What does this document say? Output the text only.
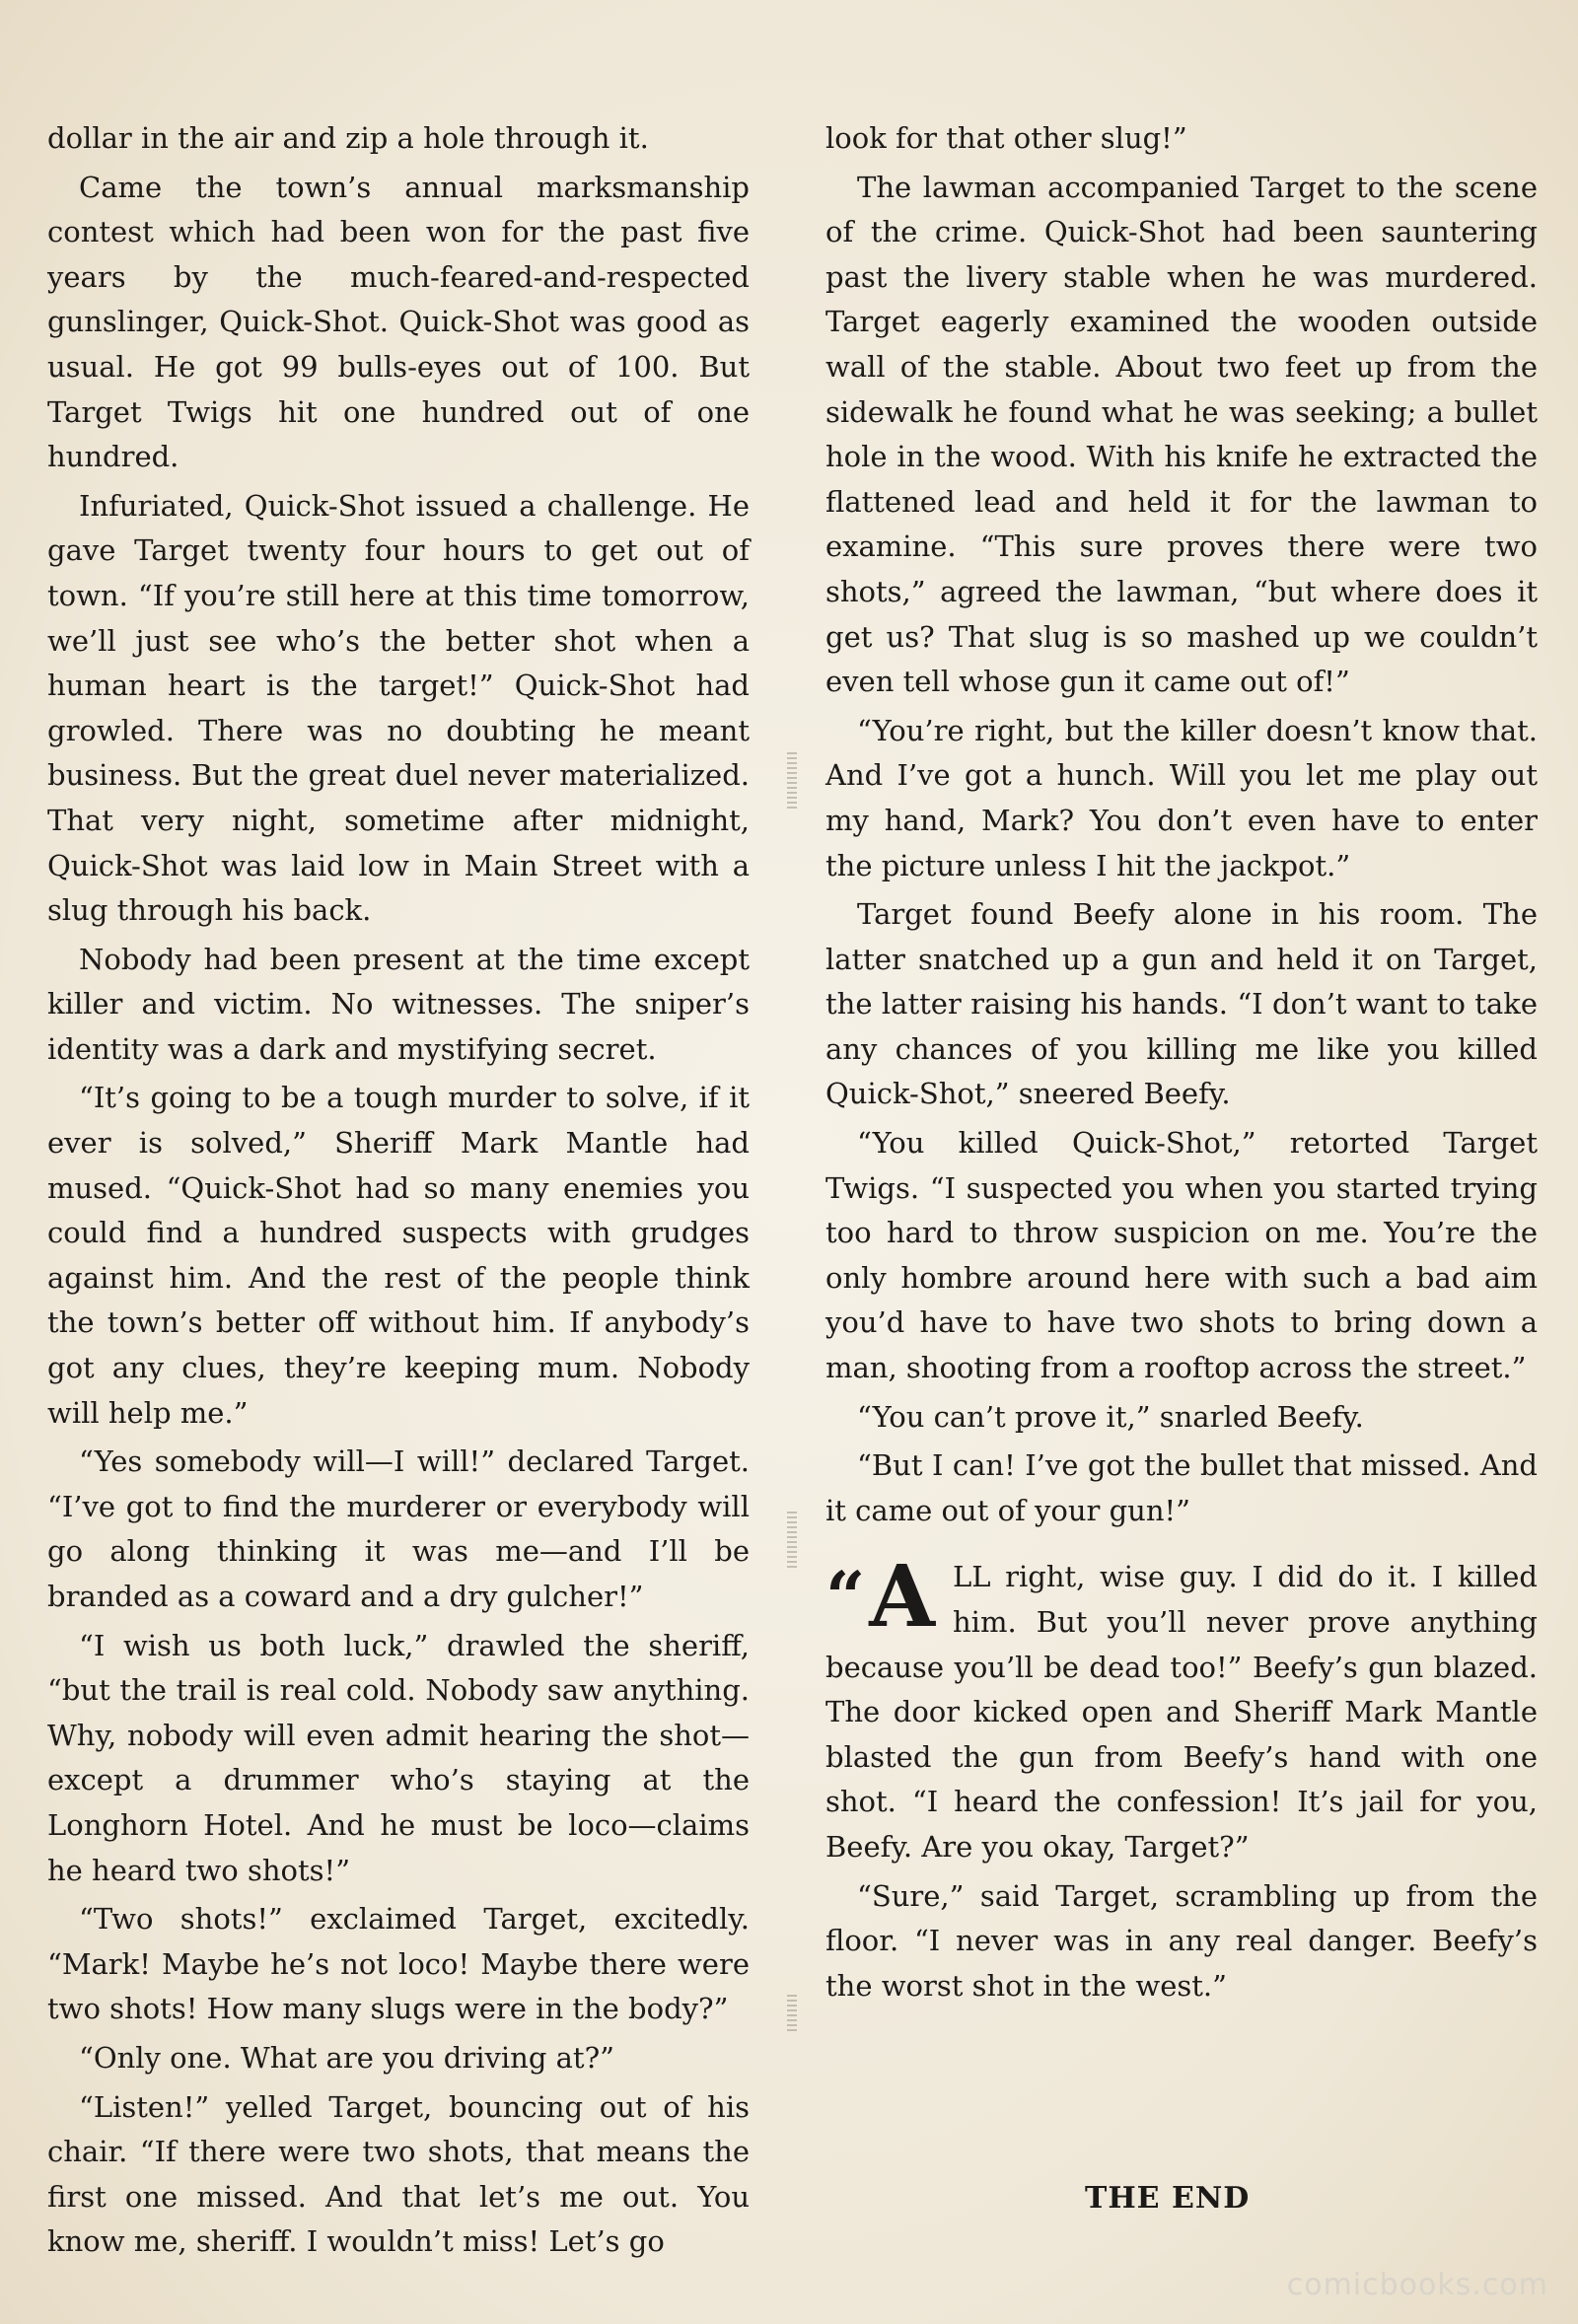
dollar in the air and zip a hole through it.

Came the town’s annual marksmanship contest which had been won for the past five years by the much-feared-and-respected gunslinger, Quick-Shot. Quick-Shot was good as usual. He got 99 bulls-eyes out of 100. But Target Twigs hit one hundred out of one hundred.

Infuriated, Quick-Shot issued a challenge. He gave Target twenty four hours to get out of town. “If you’re still here at this time tomorrow, we’ll just see who’s the better shot when a human heart is the target!” Quick-Shot had growled. There was no doubting he meant business. But the great duel never materialized. That very night, sometime after midnight, Quick-Shot was laid low in Main Street with a slug through his back.

Nobody had been present at the time except killer and victim. No witnesses. The sniper’s identity was a dark and mystifying secret.

“It’s going to be a tough murder to solve, if it ever is solved,” Sheriff Mark Mantle had mused. “Quick-Shot had so many enemies you could find a hundred suspects with grudges against him. And the rest of the people think the town’s better off without him. If anybody’s got any clues, they’re keeping mum. Nobody will help me.”

“Yes somebody will—I will!” declared Target. “I’ve got to find the murderer or everybody will go along thinking it was me—and I’ll be branded as a coward and a dry gulcher!”

“I wish us both luck,” drawled the sheriff, “but the trail is real cold. Nobody saw anything. Why, nobody will even admit hearing the shot—except a drummer who’s staying at the Longhorn Hotel. And he must be loco—claims he heard two shots!”

“Two shots!” exclaimed Target, excitedly. “Mark! Maybe he’s not loco! Maybe there were two shots! How many slugs were in the body?”

“Only one. What are you driving at?”

“Listen!” yelled Target, bouncing out of his chair. “If there were two shots, that means the first one missed. And that let’s me out. You know me, sheriff. I wouldn’t miss! Let’s go

look for that other slug!”

The lawman accompanied Target to the scene of the crime. Quick-Shot had been sauntering past the livery stable when he was murdered. Target eagerly examined the wooden outside wall of the stable. About two feet up from the sidewalk he found what he was seeking; a bullet hole in the wood. With his knife he extracted the flattened lead and held it for the lawman to examine. “This sure proves there were two shots,” agreed the lawman, “but where does it get us? That slug is so mashed up we couldn’t even tell whose gun it came out of!”

“You’re right, but the killer doesn’t know that. And I’ve got a hunch. Will you let me play out my hand, Mark? You don’t even have to enter the picture unless I hit the jackpot.”

Target found Beefy alone in his room. The latter snatched up a gun and held it on Target, the latter raising his hands. “I don’t want to take any chances of you killing me like you killed Quick-Shot,” sneered Beefy.

“You killed Quick-Shot,” retorted Target Twigs. “I suspected you when you started trying too hard to throw suspicion on me. You’re the only hombre around here with such a bad aim you’d have to have two shots to bring down a man, shooting from a rooftop across the street.”

“You can’t prove it,” snarled Beefy.

“But I can! I’ve got the bullet that missed. And it came out of your gun!”

“A LL right, wise guy. I did do it. I killed him. But you’ll never prove anything because you’ll be dead too!” Beefy’s gun blazed. The door kicked open and Sheriff Mark Mantle blasted the gun from Beefy’s hand with one shot. “I heard the confession! It’s jail for you, Beefy. Are you okay, Target?”

“Sure,” said Target, scrambling up from the floor. “I never was in any real danger. Beefy’s the worst shot in the west.”

THE END
comicbooks.com
